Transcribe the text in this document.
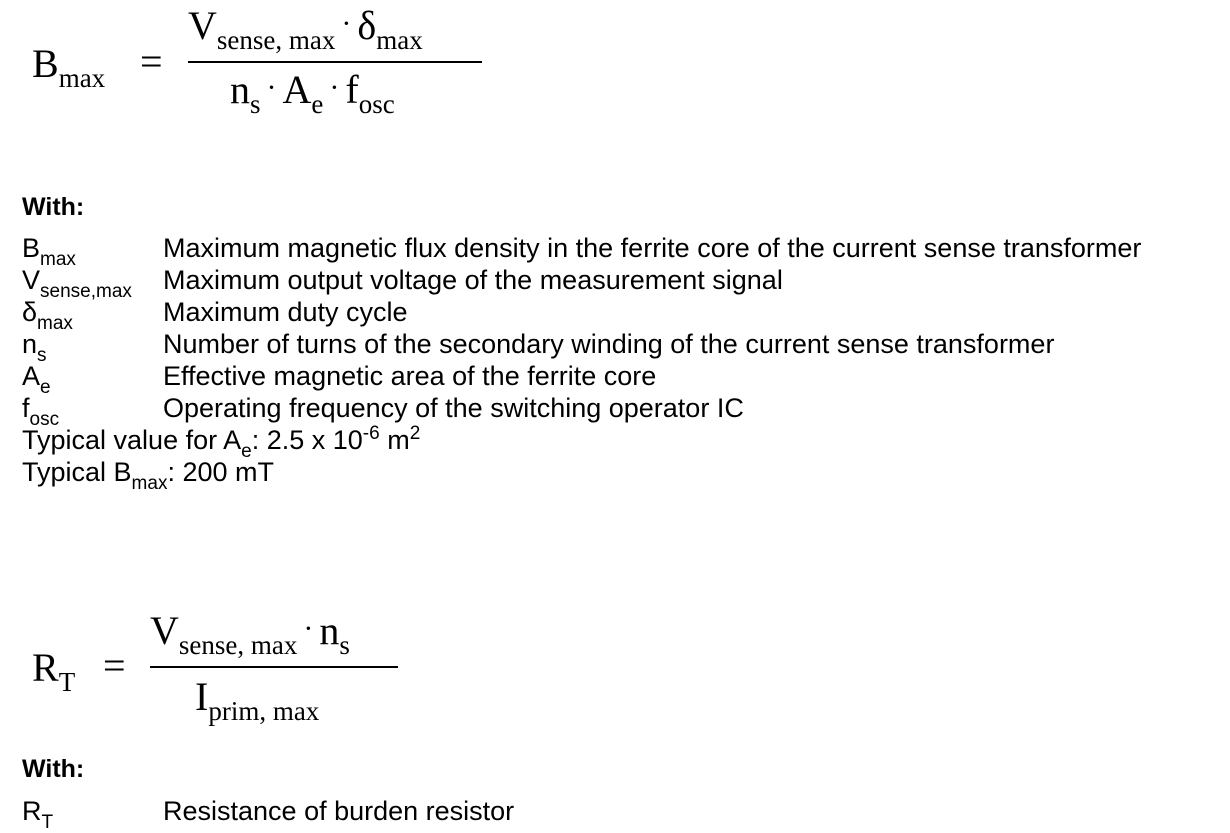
$B_{max}$ =
$V_{sense, max} \cdot \delta_{max}$
$n_s \cdot A_e \cdot f_{osc}$
With:
$B_{max}$	Maximum magnetic flux density in the ferrite core of the current sense transformer
$V_{sense,max}$ Maximum output voltage of the measurement signal
$\delta_{max}$	Maximum duty cycle
$n_s$	Number of turns of the secondary winding of the current sense transformer
$A_e$	Effective magnetic area of the ferrite core
$f_{osc}$	Operating frequency of the switching operator IC
Typical value for $A_e$: 2.5 x $10^{-6}$ $m^2$
Typical $B_{max}$: 200 mT
$R_T$ =
$V_{sense, max} \cdot n_s$
$I_{prim, max}$
With:
$R_T$	Resistance of burden resistor
